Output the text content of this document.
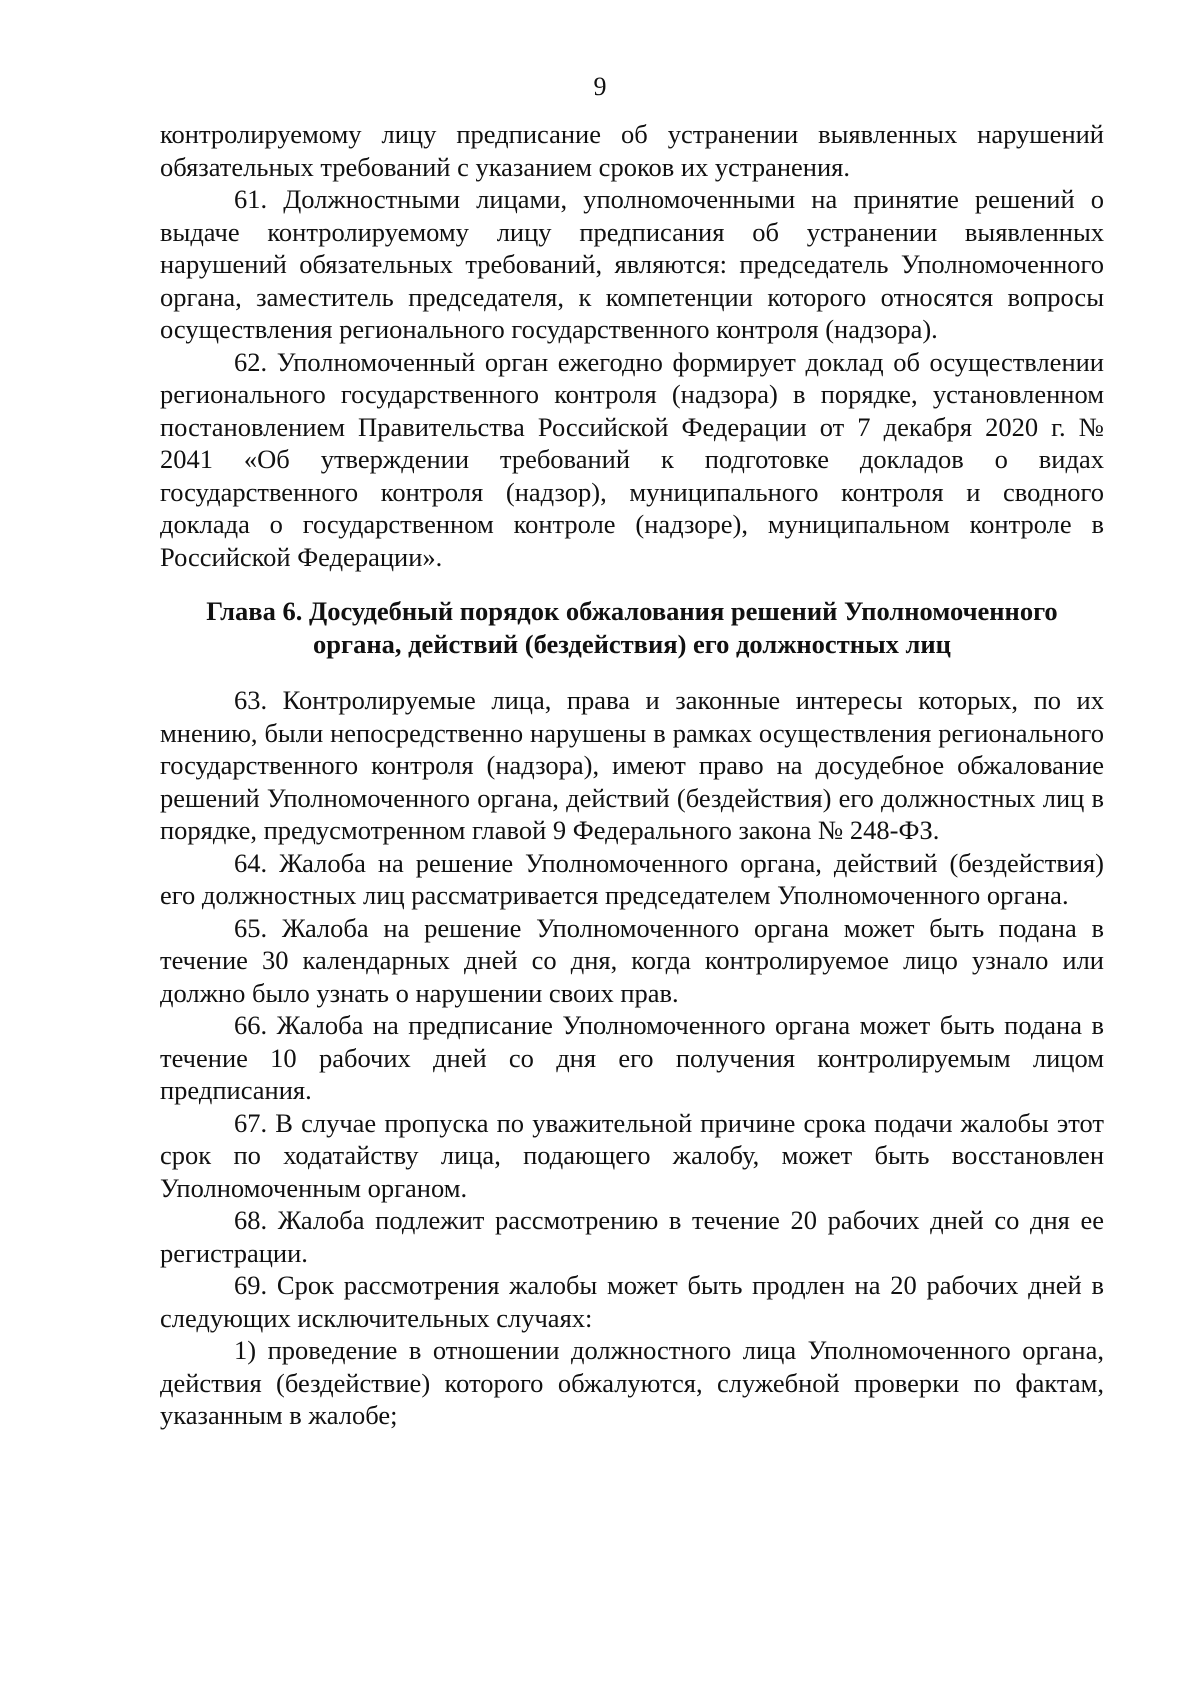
9

контролируемому лицу предписание об устранении выявленных нарушений обязательных требований с указанием сроков их устранения.

61. Должностными лицами, уполномоченными на принятие решений о выдаче контролируемому лицу предписания об устранении выявленных нарушений обязательных требований, являются: председатель Уполномоченного органа, заместитель председателя, к компетенции которого относятся вопросы осуществления регионального государственного контроля (надзора).

62. Уполномоченный орган ежегодно формирует доклад об осуществлении регионального государственного контроля (надзора) в порядке, установленном постановлением Правительства Российской Федерации от 7 декабря 2020 г. № 2041 «Об утверждении требований к подготовке докладов о видах государственного контроля (надзор), муниципального контроля и сводного доклада о государственном контроле (надзоре), муниципальном контроле в Российской Федерации».

Глава 6. Досудебный порядок обжалования решений Уполномоченного
органа, действий (бездействия) его должностных лиц

63. Контролируемые лица, права и законные интересы которых, по их мнению, были непосредственно нарушены в рамках осуществления регионального государственного контроля (надзора), имеют право на досудебное обжалование решений Уполномоченного органа, действий (бездействия) его должностных лиц в порядке, предусмотренном главой 9 Федерального закона № 248-ФЗ.

64. Жалоба на решение Уполномоченного органа, действий (бездействия) его должностных лиц рассматривается председателем Уполномоченного органа.

65. Жалоба на решение Уполномоченного органа может быть подана в течение 30 календарных дней со дня, когда контролируемое лицо узнало или должно было узнать о нарушении своих прав.

66. Жалоба на предписание Уполномоченного органа может быть подана в течение 10 рабочих дней со дня его получения контролируемым лицом предписания.

67. В случае пропуска по уважительной причине срока подачи жалобы этот срок по ходатайству лица, подающего жалобу, может быть восстановлен Уполномоченным органом.

68. Жалоба подлежит рассмотрению в течение 20 рабочих дней со дня ее регистрации.

69. Срок рассмотрения жалобы может быть продлен на 20 рабочих дней в следующих исключительных случаях:

1) проведение в отношении должностного лица Уполномоченного органа, действия (бездействие) которого обжалуются, служебной проверки по фактам, указанным в жалобе;
